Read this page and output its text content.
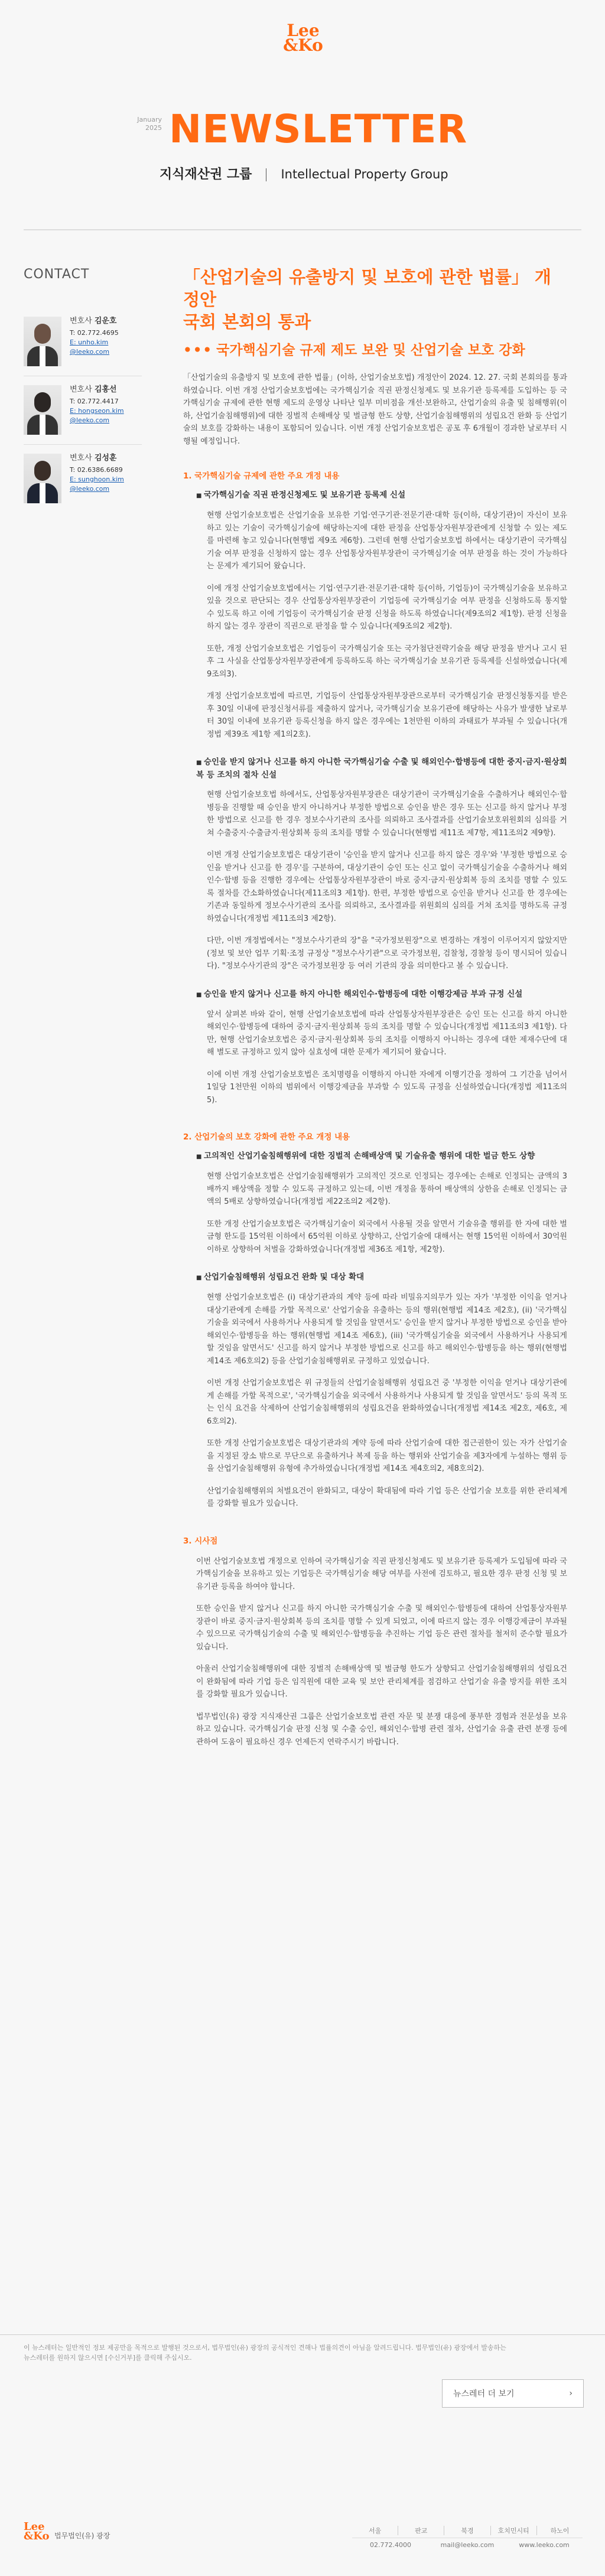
Lee
&Ko
January
2025 NEWSLETTER
지식재산권 그룹 Intellectual Property Group
CONTACT
변호사 김운호
T: 02.772.4695
E: unho.kim
@leeko.com
변호사 김홍선
T: 02.772.4417
E: hongseon.kim
@leeko.com
변호사 김성훈
T: 02.6386.6689
E: sunghoon.kim
@leeko.com
「산업기술의 유출방지 및 보호에 관한 법률」 개정안
국회 본회의 통과
••• 국가핵심기술 규제 제도 보완 및 산업기술 보호 강화
「산업기술의 유출방지 및 보호에 관한 법률」(이하, 산업기술보호법) 개정안이 2024. 12. 27. 국회 본회의를 통과하였습니다. 이번 개정 산업기술보호법에는 국가핵심기술 직권 판정신청제도 및 보유기관 등록제를 도입하는 등 국가핵심기술 규제에 관한 현행 제도의 운영상 나타난 일부 미비점을 개선·보완하고, 산업기술의 유출 및 침해행위(이하, 산업기술침해행위)에 대한 징벌적 손해배상 및 벌금형 한도 상향, 산업기술침해행위의 성립요건 완화 등 산업기술의 보호를 강화하는 내용이 포함되어 있습니다. 이번 개정 산업기술보호법은 공포 후 6개월이 경과한 날로부터 시행될 예정입니다.
1. 국가핵심기술 규제에 관한 주요 개정 내용
■ 국가핵심기술 직권 판정신청제도 및 보유기관 등록제 신설
현행 산업기술보호법은 산업기술을 보유한 기업·연구기관·전문기관·대학 등(이하, 대상기관)이 자신이 보유하고 있는 기술이 국가핵심기술에 해당하는지에 대한 판정을 산업통상자원부장관에게 신청할 수 있는 제도를 마련해 놓고 있습니다(현행법 제9조 제6항). 그런데 현행 산업기술보호법 하에서는 대상기관이 국가핵심기술 여부 판정을 신청하지 않는 경우 산업통상자원부장관이 국가핵심기술 여부 판정을 하는 것이 가능하다는 문제가 제기되어 왔습니다.
이에 개정 산업기술보호법에서는 기업·연구기관·전문기관·대학 등(이하, 기업등)이 국가핵심기술을 보유하고 있을 것으로 판단되는 경우 산업통상자원부장관이 기업등에 국가핵심기술 여부 판정을 신청하도록 통지할 수 있도록 하고 이에 기업등이 국가핵심기술 판정 신청을 하도록 하였습니다(제9조의2 제1항). 판정 신청을 하지 않는 경우 장관이 직권으로 판정을 할 수 있습니다(제9조의2 제2항).
또한, 개정 산업기술보호법은 기업등이 국가핵심기술 또는 국가첨단전략기술을 해당 판정을 받거나 고시 된 후 그 사실을 산업통상자원부장관에게 등록하도록 하는 국가핵심기술 보유기관 등록제를 신설하였습니다(제9조의3).
개정 산업기술보호법에 따르면, 기업등이 산업통상자원부장관으로부터 국가핵심기술 판정신청통지를 받은 후 30일 이내에 판정신청서류를 제출하지 않거나, 국가핵심기술 보유기관에 해당하는 사유가 발생한 날로부터 30일 이내에 보유기관 등록신청을 하지 않은 경우에는 1천만원 이하의 과태료가 부과될 수 있습니다(개정법 제39조 제1항 제1의2호).
■ 승인을 받지 않거나 신고를 하지 아니한 국가핵심기술 수출 및 해외인수·합병등에 대한 중지·금지·원상회복 등 조치의 절차 신설
현행 산업기술보호법 하에서도, 산업통상자원부장관은 대상기관이 국가핵심기술을 수출하거나 해외인수·합병등을 진행할 때 승인을 받지 아니하거나 부정한 방법으로 승인을 받은 경우 또는 신고를 하지 않거나 부정한 방법으로 신고를 한 경우 정보수사기관의 조사를 의뢰하고 조사결과를 산업기술보호위원회의 심의를 거쳐 수출중지·수출금지·원상회복 등의 조치를 명할 수 있습니다(현행법 제11조 제7항, 제11조의2 제9항).
이번 개정 산업기술보호법은 대상기관이 '승인을 받지 않거나 신고를 하지 않은 경우'와 '부정한 방법으로 승인을 받거나 신고를 한 경우'를 구분하여, 대상기관이 승인 또는 신고 없이 국가핵심기술을 수출하거나 해외인수·합병 등을 진행한 경우에는 산업통상자원부장관이 바로 중지·금지·원상회복 등의 조치를 명할 수 있도록 절차를 간소화하였습니다(제11조의3 제1항). 한편, 부정한 방법으로 승인을 받거나 신고를 한 경우에는 기존과 동일하게 정보수사기관의 조사를 의뢰하고, 조사결과를 위원회의 심의를 거쳐 조치를 명하도록 규정하였습니다(개정법 제11조의3 제2항).
다만, 이번 개정법에서는 "정보수사기관의 장"을 "국가정보원장"으로 변경하는 개정이 이루어지지 않았지만(정보 및 보안 업무 기획·조정 규정상 "정보수사기관"으로 국가정보원, 검찰청, 경찰청 등이 명시되어 있습니다). "정보수사기관의 장"은 국가정보원장 등 여러 기관의 장을 의미한다고 볼 수 있습니다.
■ 승인을 받지 않거나 신고를 하지 아니한 해외인수·합병등에 대한 이행강제금 부과 규정 신설
앞서 살펴본 바와 같이, 현행 산업기술보호법에 따라 산업통상자원부장관은 승인 또는 신고를 하지 아니한 해외인수·합병등에 대하여 중지·금지·원상회복 등의 조치를 명할 수 있습니다(개정법 제11조의3 제1항). 다만, 현행 산업기술보호법은 중지·금지·원상회복 등의 조치를 이행하지 아니하는 경우에 대한 제재수단에 대해 별도로 규정하고 있지 않아 실효성에 대한 문제가 제기되어 왔습니다.
이에 이번 개정 산업기술보호법은 조치명령을 이행하지 아니한 자에게 이행기간을 정하여 그 기간을 넘어서 1일당 1천만원 이하의 범위에서 이행강제금을 부과할 수 있도록 규정을 신설하였습니다(개정법 제11조의5).
2. 산업기술의 보호 강화에 관한 주요 개정 내용
■ 고의적인 산업기술침해행위에 대한 징벌적 손해배상액 및 기술유출 행위에 대한 벌금 한도 상향
현행 산업기술보호법은 산업기술침해행위가 고의적인 것으로 인정되는 경우에는 손해로 인정되는 금액의 3배까지 배상액을 정할 수 있도록 규정하고 있는데, 이번 개정을 통하여 배상액의 상한을 손해로 인정되는 금액의 5배로 상향하였습니다(개정법 제22조의2 제2항).
또한 개정 산업기술보호법은 국가핵심기술이 외국에서 사용될 것을 알면서 기술유출 행위를 한 자에 대한 벌금형 한도를 15억원 이하에서 65억원 이하로 상향하고, 산업기술에 대해서는 현행 15억원 이하에서 30억원 이하로 상향하여 처벌을 강화하였습니다(개정법 제36조 제1항, 제2항).
■ 산업기술침해행위 성립요건 완화 및 대상 확대
현행 산업기술보호법은 (i) 대상기관과의 계약 등에 따라 비밀유지의무가 있는 자가 '부정한 이익을 얻거나 대상기관에게 손해를 가할 목적으로' 산업기술을 유출하는 등의 행위(현행법 제14조 제2호), (ii) '국가핵심기술을 외국에서 사용하거나 사용되게 할 것임을 알면서도' 승인을 받지 않거나 부정한 방법으로 승인을 받아 해외인수·합병등을 하는 행위(현행법 제14조 제6호), (iii) '국가핵심기술을 외국에서 사용하거나 사용되게 할 것임을 알면서도' 신고를 하지 않거나 부정한 방법으로 신고를 하고 해외인수·합병등을 하는 행위(현행법 제14조 제6호의2) 등을 산업기술침해행위로 규정하고 있었습니다.
이번 개정 산업기술보호법은 위 규정들의 산업기술침해행위 성립요건 중 '부정한 이익을 얻거나 대상기관에게 손해를 가할 목적으로', '국가핵심기술을 외국에서 사용하거나 사용되게 할 것임을 알면서도' 등의 목적 또는 인식 요건을 삭제하여 산업기술침해행위의 성립요건을 완화하였습니다(개정법 제14조 제2호, 제6호, 제6호의2).
또한 개정 산업기술보호법은 대상기관과의 계약 등에 따라 산업기술에 대한 접근권한이 있는 자가 산업기술을 지정된 장소 밖으로 무단으로 유출하거나 복제 등을 하는 행위와 산업기술을 제3자에게 누설하는 행위 등을 산업기술침해행위 유형에 추가하였습니다(개정법 제14조 제4호의2, 제8호의2).
산업기술침해행위의 처벌요건이 완화되고, 대상이 확대됨에 따라 기업 등은 산업기술 보호를 위한 관리체계를 강화할 필요가 있습니다.
3. 시사점
이번 산업기술보호법 개정으로 인하여 국가핵심기술 직권 판정신청제도 및 보유기관 등록제가 도입됨에 따라 국가핵심기술을 보유하고 있는 기업등은 국가핵심기술 해당 여부를 사전에 검토하고, 필요한 경우 판정 신청 및 보유기관 등록을 하여야 합니다.
또한 승인을 받지 않거나 신고를 하지 아니한 국가핵심기술 수출 및 해외인수·합병등에 대하여 산업통상자원부장관이 바로 중지·금지·원상회복 등의 조치를 명할 수 있게 되었고, 이에 따르지 않는 경우 이행강제금이 부과될 수 있으므로 국가핵심기술의 수출 및 해외인수·합병등을 추진하는 기업 등은 관련 절차를 철저히 준수할 필요가 있습니다.
아울러 산업기술침해행위에 대한 징벌적 손해배상액 및 벌금형 한도가 상향되고 산업기술침해행위의 성립요건이 완화됨에 따라 기업 등은 임직원에 대한 교육 및 보안 관리체계를 점검하고 산업기술 유출 방지를 위한 조치를 강화할 필요가 있습니다.
법무법인(유) 광장 지식재산권 그룹은 산업기술보호법 관련 자문 및 분쟁 대응에 풍부한 경험과 전문성을 보유하고 있습니다. 국가핵심기술 판정 신청 및 수출 승인, 해외인수·합병 관련 절차, 산업기술 유출 관련 분쟁 등에 관하여 도움이 필요하신 경우 언제든지 연락주시기 바랍니다.
이 뉴스레터는 일반적인 정보 제공만을 목적으로 발행된 것으로서, 법무법인(유) 광장의 공식적인 견해나 법률의견이 아님을 알려드립니다. 법무법인(유) 광장에서 발송하는
뉴스레터를 원하지 않으시면 [수신거부]를 클릭해 주십시오.
뉴스레터 더 보기	›
Lee
&Ko 법무법인(유) 광장
서울	판교	북경	호치민시티	하노이
02.772.4000	mail@leeko.com	www.leeko.com
